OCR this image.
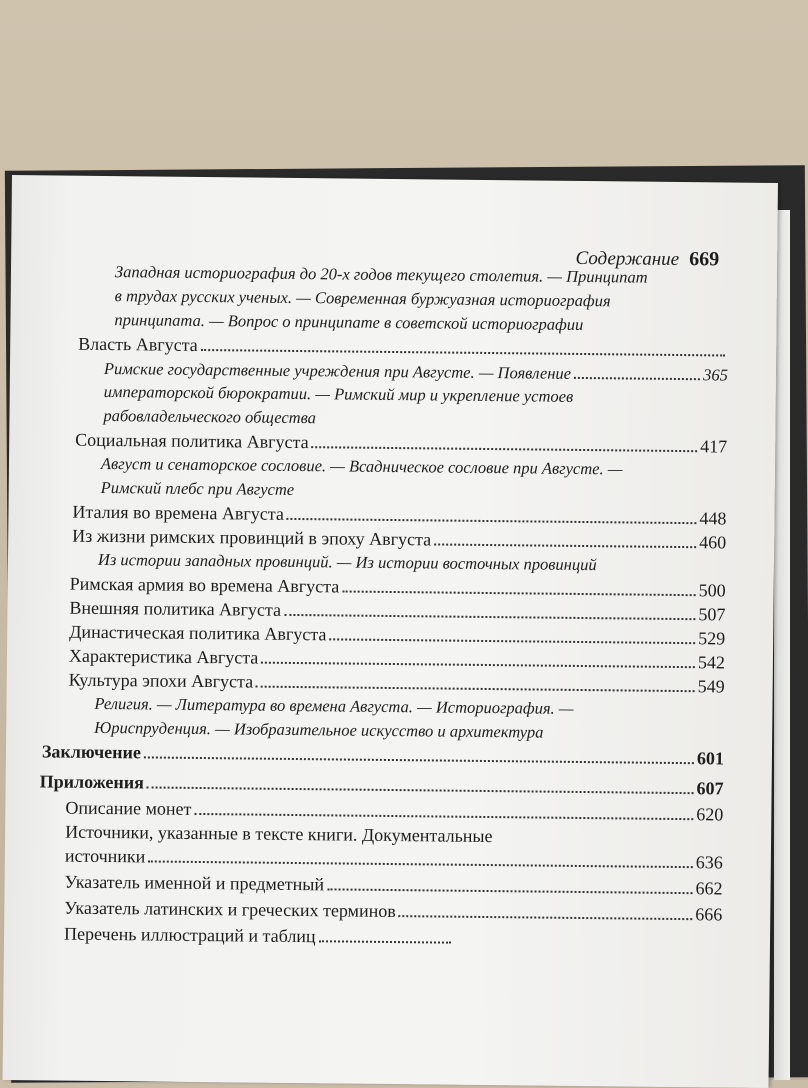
Содержание 669
Западная историография до 20-х годов текущего столетия. — Принципат
в трудах русских ученых. — Современная буржуазная историография
принципата. — Вопрос о принципате в советской историографии
Власть Августа
Римские государственные учреждения при Августе. — Появление	365
императорской бюрократии. — Римский мир и укрепление устоев
рабовладельческого общества
Социальная политика Августа	417
Август и сенаторское сословие. — Всадническое сословие при Августе. —
Римский плебс при Августе
Италия во времена Августа	448
Из жизни римских провинций в эпоху Августа	460
Из истории западных провинций. — Из истории восточных провинций
Римская армия во времена Августа	500
Внешняя политика Августа	507
Династическая политика Августа	529
Характеристика Августа	542
Культура эпохи Августа	549
Религия. — Литература во времена Августа. — Историография. —
Юриспруденция. — Изобразительное искусство и архитектура
Заключение	601
Приложения	607
Описание монет	620
Источники, указанные в тексте книги. Документальные
источники	636
Указатель именной и предметный	662
Указатель латинских и греческих терминов	666
Перечень иллюстраций и таблиц
​
